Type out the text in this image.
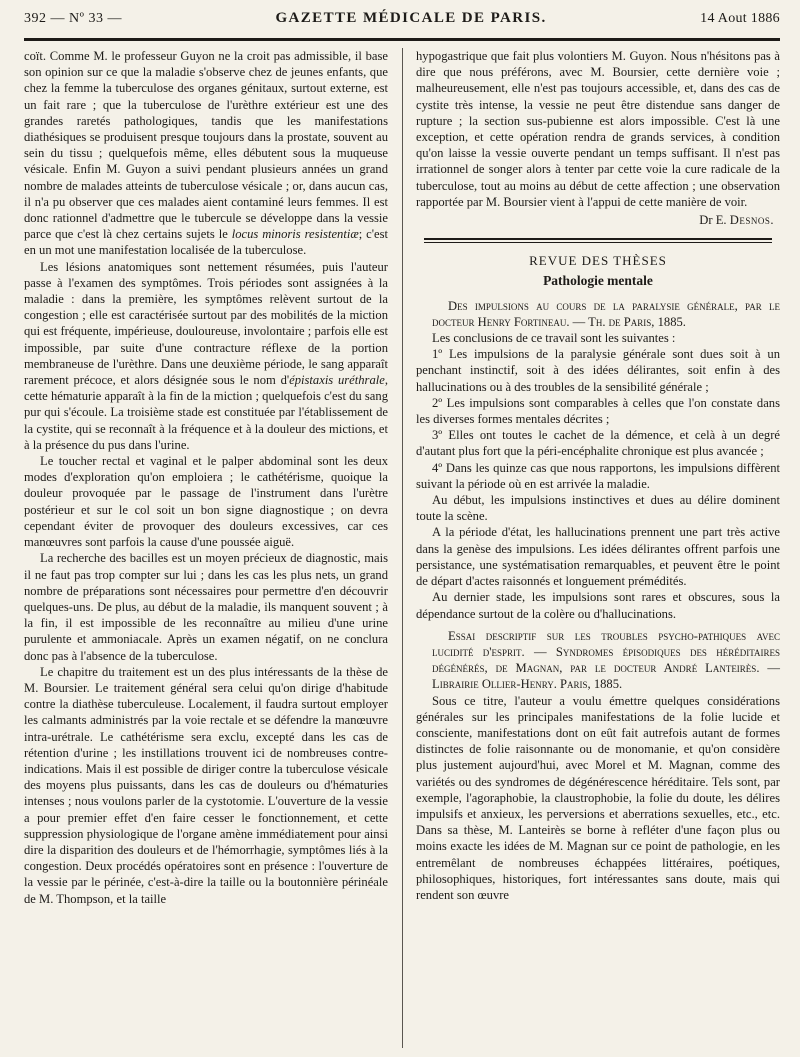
392 — Nº 33 —	GAZETTE MÉDICALE DE PARIS.	14 Aout 1886

coït. Comme M. le professeur Guyon ne la croit pas admissible, il base son opinion sur ce que la maladie s'observe chez de jeunes enfants, que chez la femme la tuberculose des organes génitaux, surtout externe, est un fait rare ; que la tuberculose de l'urèthre extérieur est une des grandes raretés pathologiques, tandis que les manifestations diathésiques se produisent presque toujours dans la prostate, souvent au sein du tissu ; quelquefois même, elles débutent sous la muqueuse vésicale. Enfin M. Guyon a suivi pendant plusieurs années un grand nombre de malades atteints de tuberculose vésicale ; or, dans aucun cas, il n'a pu observer que ces malades aient contaminé leurs femmes. Il est donc rationnel d'admettre que le tubercule se développe dans la vessie parce que c'est là chez certains sujets le locus minoris resistentiæ; c'est en un mot une manifestation localisée de la tuberculose.

Les lésions anatomiques sont nettement résumées, puis l'auteur passe à l'examen des symptômes. Trois périodes sont assignées à la maladie : dans la première, les symptômes relèvent surtout de la congestion ; elle est caractérisée surtout par des mobilités de la miction qui est fréquente, impérieuse, douloureuse, involontaire ; parfois elle est impossible, par suite d'une contracture réflexe de la portion membraneuse de l'urèthre. Dans une deuxième période, le sang apparaît rarement précoce, et alors désignée sous le nom d'épistaxis uréthrale, cette hématurie apparaît à la fin de la miction ; quelquefois c'est du sang pur qui s'écoule. La troisième stade est constituée par l'établissement de la cystite, qui se reconnaît à la fréquence et à la douleur des mictions, et à la présence du pus dans l'urine.

Le toucher rectal et vaginal et le palper abdominal sont les deux modes d'exploration qu'on emploiera ; le cathétérisme, quoique la douleur provoquée par le passage de l'instrument dans l'urètre postérieur et sur le col soit un bon signe diagnostique ; on devra cependant éviter de provoquer des douleurs excessives, car ces manœuvres sont parfois la cause d'une poussée aiguë.

La recherche des bacilles est un moyen précieux de diagnostic, mais il ne faut pas trop compter sur lui ; dans les cas les plus nets, un grand nombre de préparations sont nécessaires pour permettre d'en découvrir quelques-uns. De plus, au début de la maladie, ils manquent souvent ; à la fin, il est impossible de les reconnaître au milieu d'une urine purulente et ammoniacale. Après un examen négatif, on ne conclura donc pas à l'absence de la tuberculose.

Le chapitre du traitement est un des plus intéressants de la thèse de M. Boursier. Le traitement général sera celui qu'on dirige d'habitude contre la diathèse tuberculeuse. Localement, il faudra surtout employer les calmants administrés par la voie rectale et se défendre la manœuvre intra-urétrale. Le cathétérisme sera exclu, excepté dans les cas de rétention d'urine ; les instillations trouvent ici de nombreuses contre-indications. Mais il est possible de diriger contre la tuberculose vésicale des moyens plus puissants, dans les cas de douleurs ou d'hématuries intenses ; nous voulons parler de la cystotomie. L'ouverture de la vessie a pour premier effet d'en faire cesser le fonctionnement, et cette suppression physiologique de l'organe amène immédiatement pour ainsi dire la disparition des douleurs et de l'hémorrhagie, symptômes liés à la congestion. Deux procédés opératoires sont en présence : l'ouverture de la vessie par le périnée, c'est-à-dire la taille ou la boutonnière périnéale de M. Thompson, et la taille

hypogastrique que fait plus volontiers M. Guyon. Nous n'hésitons pas à dire que nous préférons, avec M. Boursier, cette dernière voie ; malheureusement, elle n'est pas toujours accessible, et, dans des cas de cystite très intense, la vessie ne peut être distendue sans danger de rupture ; la section sus-pubienne est alors impossible. C'est là une exception, et cette opération rendra de grands services, à condition qu'on laisse la vessie ouverte pendant un temps suffisant. Il n'est pas irrationnel de songer alors à tenter par cette voie la cure radicale de la tuberculose, tout au moins au début de cette affection ; une observation rapportée par M. Boursier vient à l'appui de cette manière de voir.

Dr E. Desnos.
REVUE DES THÈSES
Pathologie mentale

Des impulsions au cours de la paralysie générale, par le docteur Henry Fortineau. — Th. de Paris, 1885.

Les conclusions de ce travail sont les suivantes :

1º Les impulsions de la paralysie générale sont dues soit à un penchant instinctif, soit à des idées délirantes, soit enfin à des hallucinations ou à des troubles de la sensibilité générale ;

2º Les impulsions sont comparables à celles que l'on constate dans les diverses formes mentales décrites ;

3º Elles ont toutes le cachet de la démence, et celà à un degré d'autant plus fort que la péri-encéphalite chronique est plus avancée ;

4º Dans les quinze cas que nous rapportons, les impulsions diffèrent suivant la période où en est arrivée la maladie.

Au début, les impulsions instinctives et dues au délire dominent toute la scène.

A la période d'état, les hallucinations prennent une part très active dans la genèse des impulsions. Les idées délirantes offrent parfois une persistance, une systématisation remarquables, et peuvent être le point de départ d'actes raisonnés et longuement prémédités.

Au dernier stade, les impulsions sont rares et obscures, sous la dépendance surtout de la colère ou d'hallucinations.

Essai descriptif sur les troubles psycho-pathiques avec lucidité d'esprit. — Syndromes épisodiques des héréditaires dégénérés, de Magnan, par le docteur André Lanteirès. — Librairie Ollier-Henry. Paris, 1885.

Sous ce titre, l'auteur a voulu émettre quelques considérations générales sur les principales manifestations de la folie lucide et consciente, manifestations dont on eût fait autrefois autant de formes distinctes de folie raisonnante ou de monomanie, et qu'on considère plus justement aujourd'hui, avec Morel et M. Magnan, comme des variétés ou des syndromes de dégénérescence héréditaire. Tels sont, par exemple, l'agoraphobie, la claustrophobie, la folie du doute, les délires impulsifs et anxieux, les perversions et aberrations sexuelles, etc., etc. Dans sa thèse, M. Lanteirès se borne à refléter d'une façon plus ou moins exacte les idées de M. Magnan sur ce point de pathologie, en les entremêlant de nombreuses échappées littéraires, poétiques, philosophiques, historiques, fort intéressantes sans doute, mais qui rendent son œuvre
